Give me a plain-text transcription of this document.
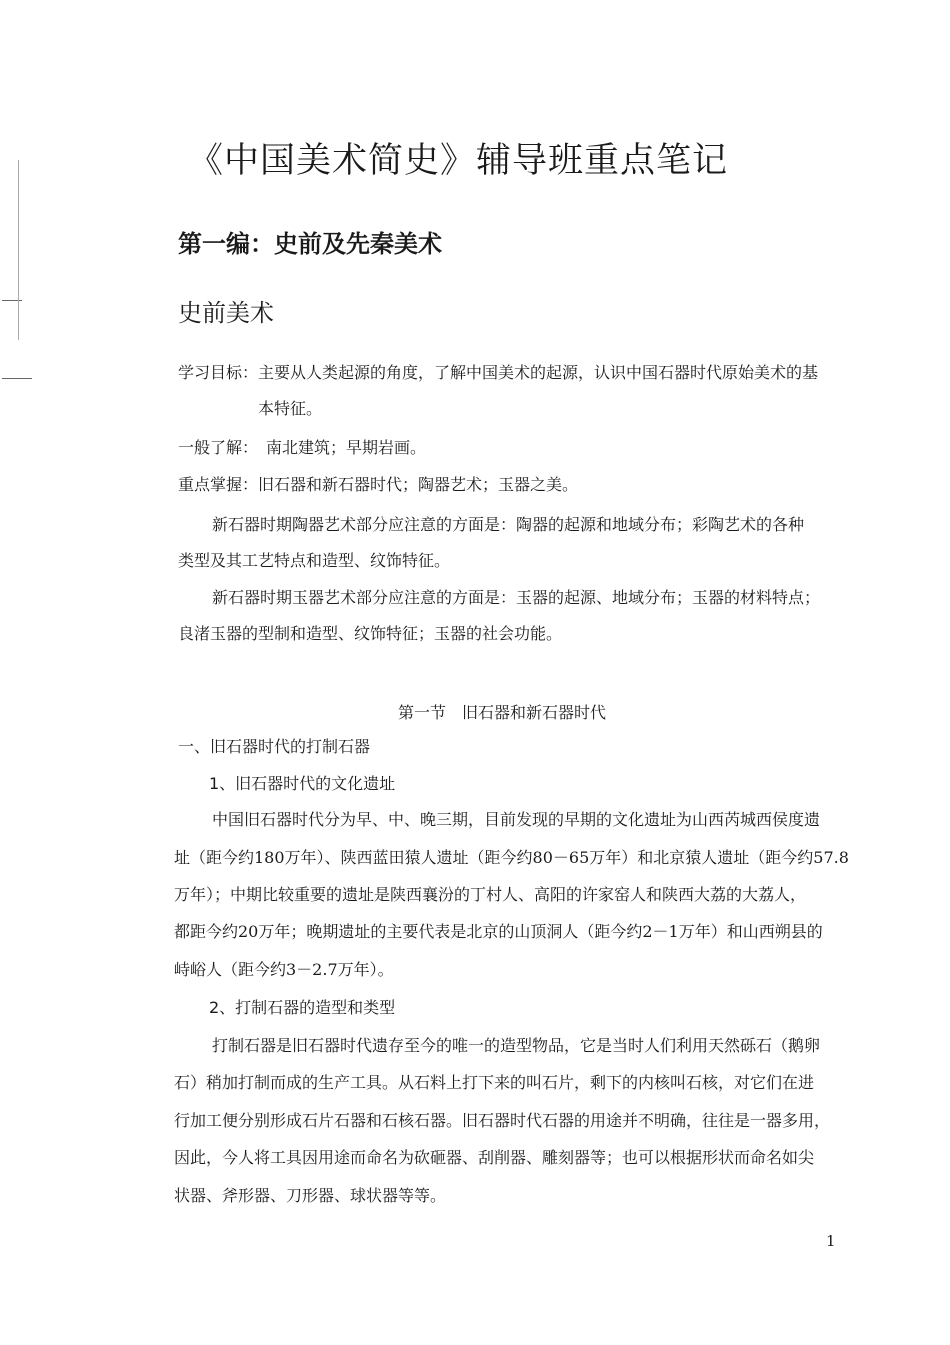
《中国美术简史》辅导班重点笔记
第一编：史前及先秦美术
史前美术
学习目标：主要从人类起源的角度，了解中国美术的起源，认识中国石器时代原始美术的基
本特征。
一般了解： 南北建筑；早期岩画。
重点掌握：旧石器和新石器时代；陶器艺术；玉器之美。
新石器时期陶器艺术部分应注意的方面是：陶器的起源和地域分布；彩陶艺术的各种
类型及其工艺特点和造型、纹饰特征。
新石器时期玉器艺术部分应注意的方面是：玉器的起源、地域分布；玉器的材料特点；
良渚玉器的型制和造型、纹饰特征；玉器的社会功能。
第一节　旧石器和新石器时代
一、旧石器时代的打制石器
1、旧石器时代的文化遗址
中国旧石器时代分为早、中、晚三期，目前发现的早期的文化遗址为山西芮城西侯度遗
址（距今约180万年）、陕西蓝田猿人遗址（距今约80－65万年）和北京猿人遗址（距今约57.8
万年）；中期比较重要的遗址是陕西襄汾的丁村人、高阳的许家窑人和陕西大荔的大荔人，
都距今约20万年；晚期遗址的主要代表是北京的山顶洞人（距今约2－1万年）和山西朔县的
峙峪人（距今约3－2.7万年）。
2、打制石器的造型和类型
打制石器是旧石器时代遗存至今的唯一的造型物品，它是当时人们利用天然砾石（鹅卵
石）稍加打制而成的生产工具。从石料上打下来的叫石片，剩下的内核叫石核，对它们在进
行加工便分别形成石片石器和石核石器。旧石器时代石器的用途并不明确，往往是一器多用，
因此，今人将工具因用途而命名为砍砸器、刮削器、雕刻器等；也可以根据形状而命名如尖
状器、斧形器、刀形器、球状器等等。
1
